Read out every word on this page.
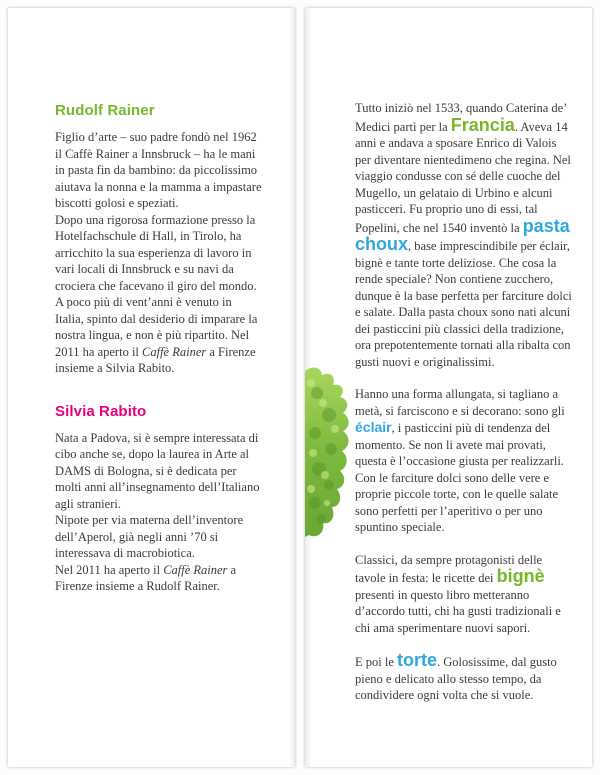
Rudolf Rainer

Figlio d’arte – suo padre fondò nel 1962 il Caffè Rainer a Innsbruck – ha le mani in pasta fin da bambino: da piccolissimo aiutava la nonna e la mamma a impastare biscotti golosi e speziati.

Dopo una rigorosa formazione presso la Hotelfachschule di Hall, in Tirolo, ha arricchito la sua esperienza di lavoro in vari locali di Innsbruck e su navi da crociera che facevano il giro del mondo. A poco più di vent’anni è venuto in Italia, spinto dal desiderio di imparare la nostra lingua, e non è più ripartito. Nel 2011 ha aperto il Caffè Rainer a Firenze insieme a Silvia Rabito.

Silvia Rabito

Nata a Padova, si è sempre interessata di cibo anche se, dopo la laurea in Arte al DAMS di Bologna, si è dedicata per molti anni all’insegnamento dell’Italiano agli stranieri.

Nipote per via materna dell’inventore dell’Aperol, già negli anni ’70 si interessava di macrobiotica.

Nel 2011 ha aperto il Caffè Rainer a Firenze insieme a Rudolf Rainer.

Tutto iniziò nel 1533, quando Caterina de’ Medici partì per la Francia. Aveva 14 anni e andava a sposare Enrico di Valois per diventare nientedimeno che regina. Nel viaggio condusse con sé delle cuoche del Mugello, un gelataio di Urbino e alcuni pasticceri. Fu proprio uno di essi, tal Popelini, che nel 1540 inventò la pasta choux, base imprescindibile per éclair, bignè e tante torte deliziose. Che cosa la rende speciale? Non contiene zucchero, dunque è la base perfetta per farciture dolci e salate. Dalla pasta choux sono nati alcuni dei pasticcini più classici della tradizione, ora prepotentemente tornati alla ribalta con gusti nuovi e originalissimi.

Hanno una forma allungata, si tagliano a metà, si farciscono e si decorano: sono gli éclair, i pasticcini più di tendenza del momento. Se non li avete mai provati, questa è l’occasione giusta per realizzarli. Con le farciture dolci sono delle vere e proprie piccole torte, con le quelle salate sono perfetti per l’aperitivo o per uno spuntino speciale.

Classici, da sempre protagonisti delle tavole in festa: le ricette dei bignè presenti in questo libro metteranno d’accordo tutti, chi ha gusti tradizionali e chi ama sperimentare nuovi sapori.

E poi le torte. Golosissime, dal gusto pieno e delicato allo stesso tempo, da condividere ogni volta che si vuole.
